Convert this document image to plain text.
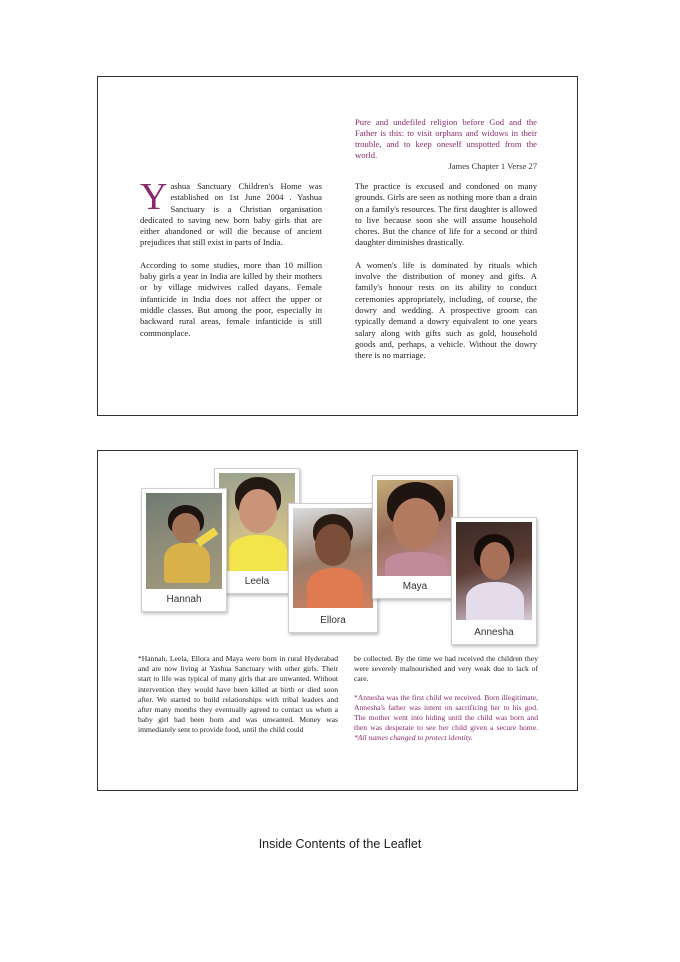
Pure and undefiled religion before God and the Father is this: to visit orphans and widows in their trouble, and to keep oneself unspotted from the world.
James Chapter 1 Verse 27

Yashua Sanctuary Children's Home was established on 1st June 2004 . Yashua Sanctuary is a Christian organisation dedicated to saving new born baby girls that are either abandoned or will die because of ancient prejudices that still exist in parts of India.

According to some studies, more than 10 million baby girls a year in India are killed by their mothers or by village midwives called dayans. Female infanticide in India does not affect the upper or middle classes. But among the poor, especially in backward rural areas, female infanticide is still commonplace.

The practice is excused and condoned on many grounds. Girls are seen as nothing more than a drain on a family's resources. The first daughter is allowed to live because soon she will assume household chores. But the chance of life for a second or third daughter diminishes drastically.

A women's life is dominated by rituals which involve the distribution of money and gifts. A family's honour rests on its ability to conduct ceremonies appropriately, including, of course, the dowry and wedding. A prospective groom can typically demand a dowry equivalent to one years salary along with gifts such as gold, household goods and, perhaps, a vehicle. Without the dowry there is no marriage.

Hannah
Leela
Ellora
Maya
Annesha

*Hannah, Leela, Ellora and Maya were born in rural Hyderabad and are now living at Yashua Sanctuary with other girls. Their start to life was typical of many girls that are unwanted. Without intervention they would have been killed at birth or died soon after. We started to build relationships with tribal leaders and after many months they eventually agreed to contact us when a baby girl had been born and was unwanted. Money was immediately sent to provide food, until the child could

be collected. By the time we had received the children they were severely malnourished and very weak due to lack of care.

*Annesha was the first child we received. Born illegitimate, Annesha's father was intent on sacrificing her to his god. The mother went into hiding until the child was born and then was desperate to see her child given a secure home. *All names changed to protect identity.

Inside Contents of the Leaflet
